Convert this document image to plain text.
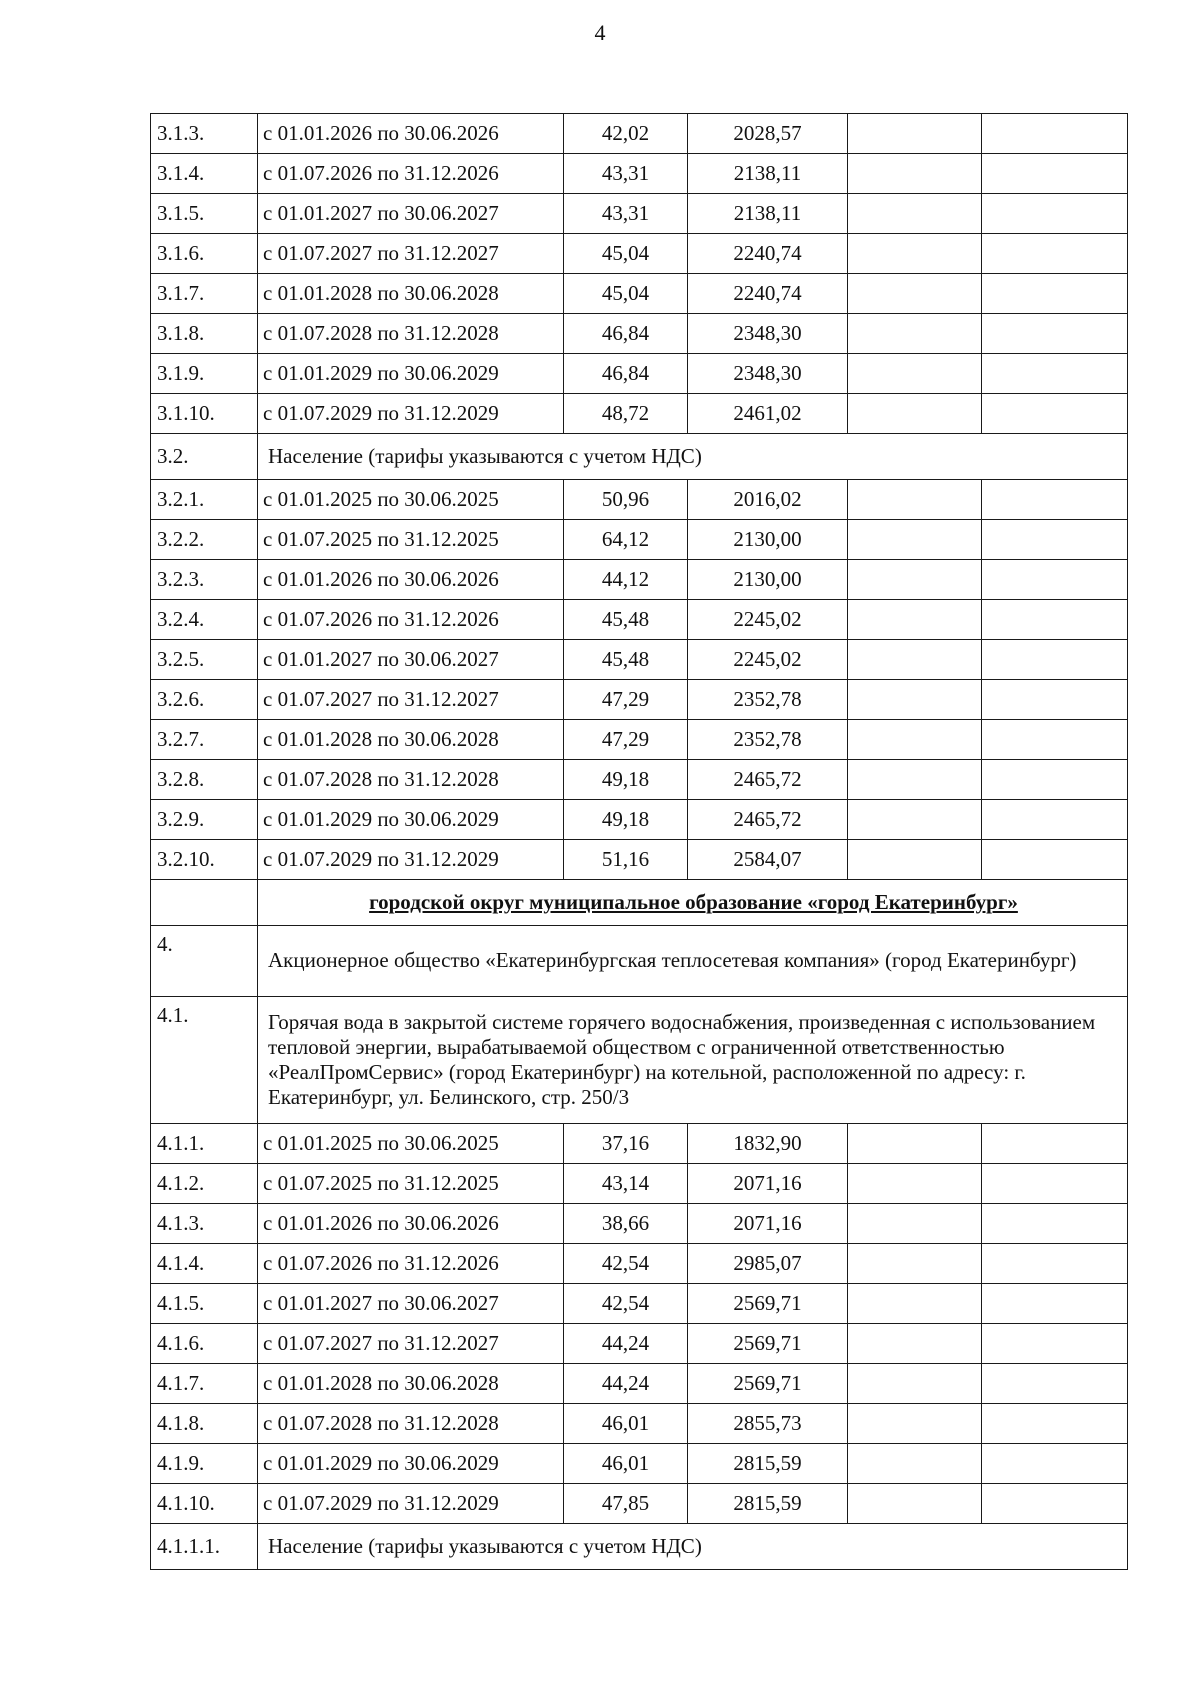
4
3.1.3.	с 01.01.2026 по 30.06.2026	42,02	2028,57		
3.1.4.	с 01.07.2026 по 31.12.2026	43,31	2138,11		
3.1.5.	с 01.01.2027 по 30.06.2027	43,31	2138,11		
3.1.6.	с 01.07.2027 по 31.12.2027	45,04	2240,74		
3.1.7.	с 01.01.2028 по 30.06.2028	45,04	2240,74		
3.1.8.	с 01.07.2028 по 31.12.2028	46,84	2348,30		
3.1.9.	с 01.01.2029 по 30.06.2029	46,84	2348,30		
3.1.10.	с 01.07.2029 по 31.12.2029	48,72	2461,02		
3.2.	Население (тарифы указываются с учетом НДС)				
3.2.1.	с 01.01.2025 по 30.06.2025	50,96	2016,02		
3.2.2.	с 01.07.2025 по 31.12.2025	64,12	2130,00		
3.2.3.	с 01.01.2026 по 30.06.2026	44,12	2130,00		
3.2.4.	с 01.07.2026 по 31.12.2026	45,48	2245,02		
3.2.5.	с 01.01.2027 по 30.06.2027	45,48	2245,02		
3.2.6.	с 01.07.2027 по 31.12.2027	47,29	2352,78		
3.2.7.	с 01.01.2028 по 30.06.2028	47,29	2352,78		
3.2.8.	с 01.07.2028 по 31.12.2028	49,18	2465,72		
3.2.9.	с 01.01.2029 по 30.06.2029	49,18	2465,72		
3.2.10.	с 01.07.2029 по 31.12.2029	51,16	2584,07		
	городской округ муниципальное образование «город Екатеринбург»				
4.	Акционерное общество «Екатеринбургская теплосетевая компания» (город Екатеринбург)				
4.1.	Горячая вода в закрытой системе горячего водоснабжения, произведенная с использованием тепловой энергии, вырабатываемой обществом с ограниченной ответственностью «РеалПромСервис» (город Екатеринбург) на котельной, расположенной по адресу: г. Екатеринбург, ул. Белинского, стр. 250/3				
4.1.1.	с 01.01.2025 по 30.06.2025	37,16	1832,90		
4.1.2.	с 01.07.2025 по 31.12.2025	43,14	2071,16		
4.1.3.	с 01.01.2026 по 30.06.2026	38,66	2071,16		
4.1.4.	с 01.07.2026 по 31.12.2026	42,54	2985,07		
4.1.5.	с 01.01.2027 по 30.06.2027	42,54	2569,71		
4.1.6.	с 01.07.2027 по 31.12.2027	44,24	2569,71		
4.1.7.	с 01.01.2028 по 30.06.2028	44,24	2569,71		
4.1.8.	с 01.07.2028 по 31.12.2028	46,01	2855,73		
4.1.9.	с 01.01.2029 по 30.06.2029	46,01	2815,59		
4.1.10.	с 01.07.2029 по 31.12.2029	47,85	2815,59		
4.1.1.1.	Население (тарифы указываются с учетом НДС)				
